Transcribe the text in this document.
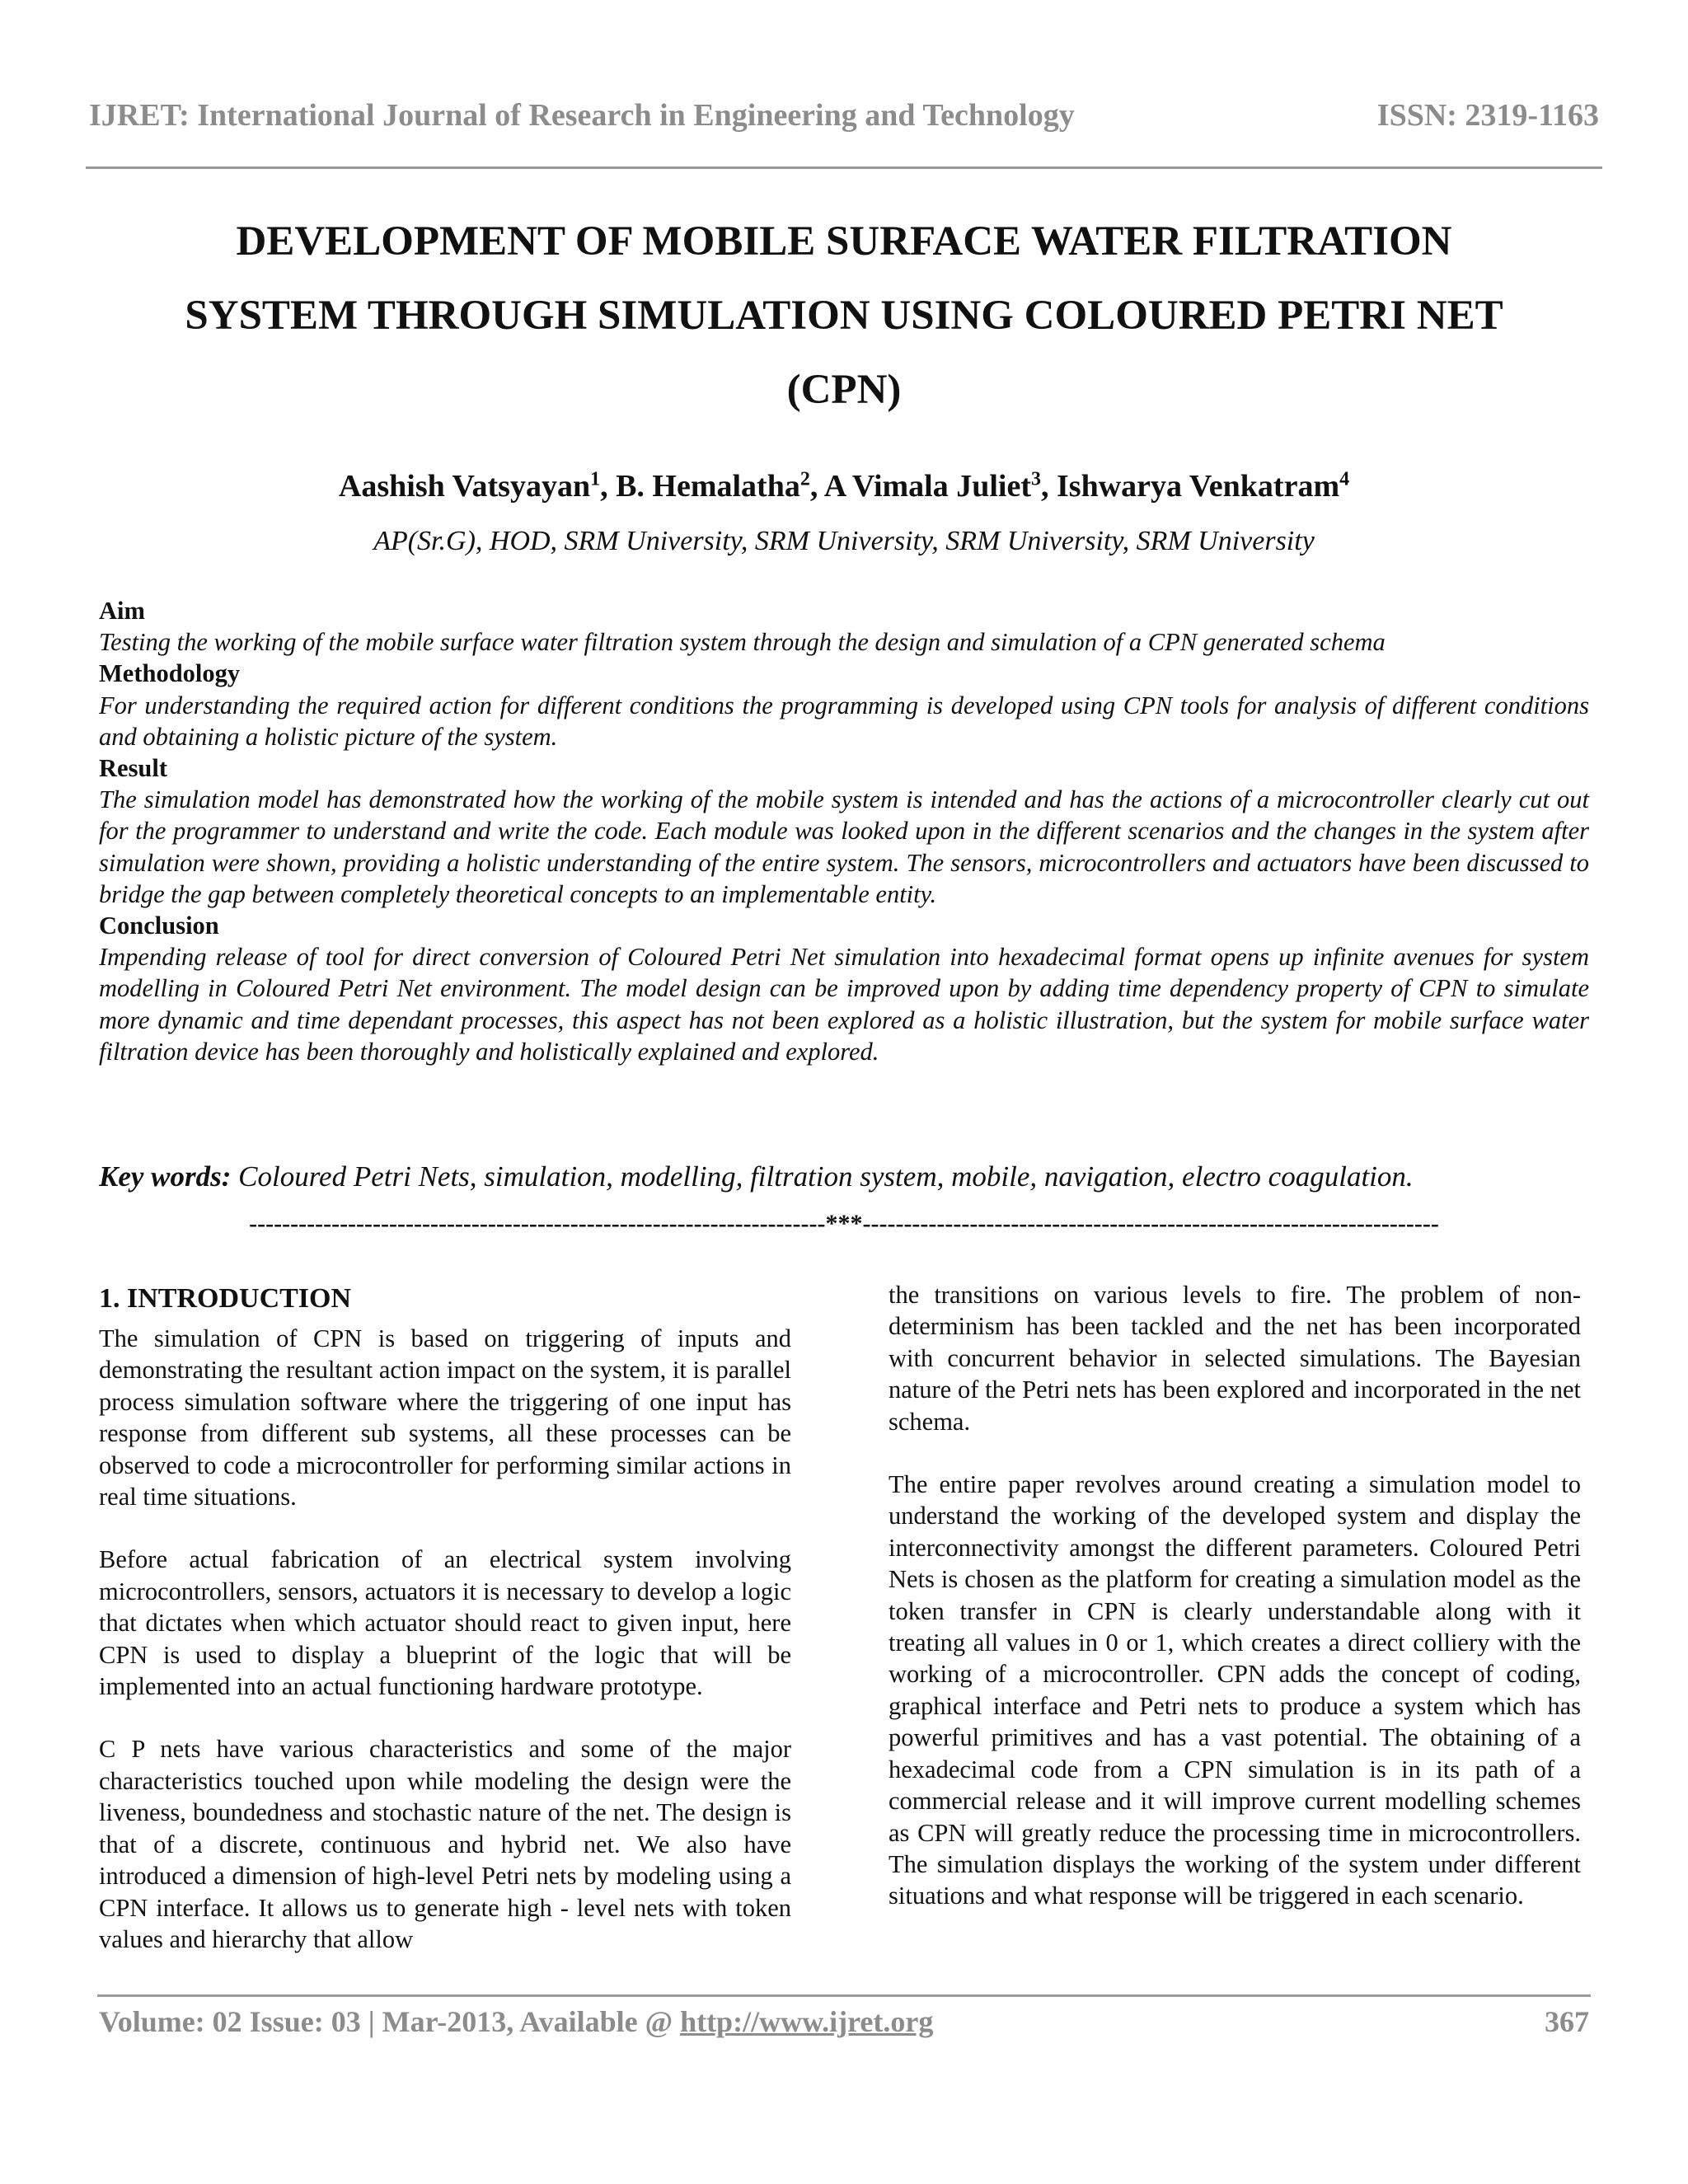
IJRET: International Journal of Research in Engineering and Technology	ISSN: 2319-1163
DEVELOPMENT OF MOBILE SURFACE WATER FILTRATION
SYSTEM THROUGH SIMULATION USING COLOURED PETRI NET
(CPN)
Aashish Vatsyayan$^1$, B. Hemalatha$^2$, A Vimala Juliet$^3$, Ishwarya Venkatram$^4$
AP(Sr.G), HOD, SRM University, SRM University, SRM University, SRM University
Aim
Testing the working of the mobile surface water filtration system through the design and simulation of a CPN generated schema
Methodology
For understanding the required action for different conditions the programming is developed using CPN tools for analysis of different conditions and obtaining a holistic picture of the system.
Result
The simulation model has demonstrated how the working of the mobile system is intended and has the actions of a microcontroller clearly cut out for the programmer to understand and write the code. Each module was looked upon in the different scenarios and the changes in the system after simulation were shown, providing a holistic understanding of the entire system. The sensors, microcontrollers and actuators have been discussed to bridge the gap between completely theoretical concepts to an implementable entity.
Conclusion
Impending release of tool for direct conversion of Coloured Petri Net simulation into hexadecimal format opens up infinite avenues for system modelling in Coloured Petri Net environment. The model design can be improved upon by adding time dependency property of CPN to simulate more dynamic and time dependant processes, this aspect has not been explored as a holistic illustration, but the system for mobile surface water filtration device has been thoroughly and holistically explained and explored.
Key words: Coloured Petri Nets, simulation, modelling, filtration system, mobile, navigation, electro coagulation.
----------------------------------------------------------------------***----------------------------------------------------------------------
1. INTRODUCTION

The simulation of CPN is based on triggering of inputs and demonstrating the resultant action impact on the system, it is parallel process simulation software where the triggering of one input has response from different sub systems, all these processes can be observed to code a microcontroller for performing similar actions in real time situations.

Before actual fabrication of an electrical system involving microcontrollers, sensors, actuators it is necessary to develop a logic that dictates when which actuator should react to given input, here CPN is used to display a blueprint of the logic that will be implemented into an actual functioning hardware prototype.

C P nets have various characteristics and some of the major characteristics touched upon while modeling the design were the liveness, boundedness and stochastic nature of the net. The design is that of a discrete, continuous and hybrid net. We also have introduced a dimension of high-level Petri nets by modeling using a CPN interface. It allows us to generate high - level nets with token values and hierarchy that allow

the transitions on various levels to fire. The problem of non-determinism has been tackled and the net has been incorporated with concurrent behavior in selected simulations. The Bayesian nature of the Petri nets has been explored and incorporated in the net schema.

The entire paper revolves around creating a simulation model to understand the working of the developed system and display the interconnectivity amongst the different parameters. Coloured Petri Nets is chosen as the platform for creating a simulation model as the token transfer in CPN is clearly understandable along with it treating all values in 0 or 1, which creates a direct colliery with the working of a microcontroller. CPN adds the concept of coding, graphical interface and Petri nets to produce a system which has powerful primitives and has a vast potential. The obtaining of a hexadecimal code from a CPN simulation is in its path of a commercial release and it will improve current modelling schemes as CPN will greatly reduce the processing time in microcontrollers. The simulation displays the working of the system under different situations and what response will be triggered in each scenario.

Volume: 02 Issue: 03 | Mar-2013, Available @ http://www.ijret.org	367
